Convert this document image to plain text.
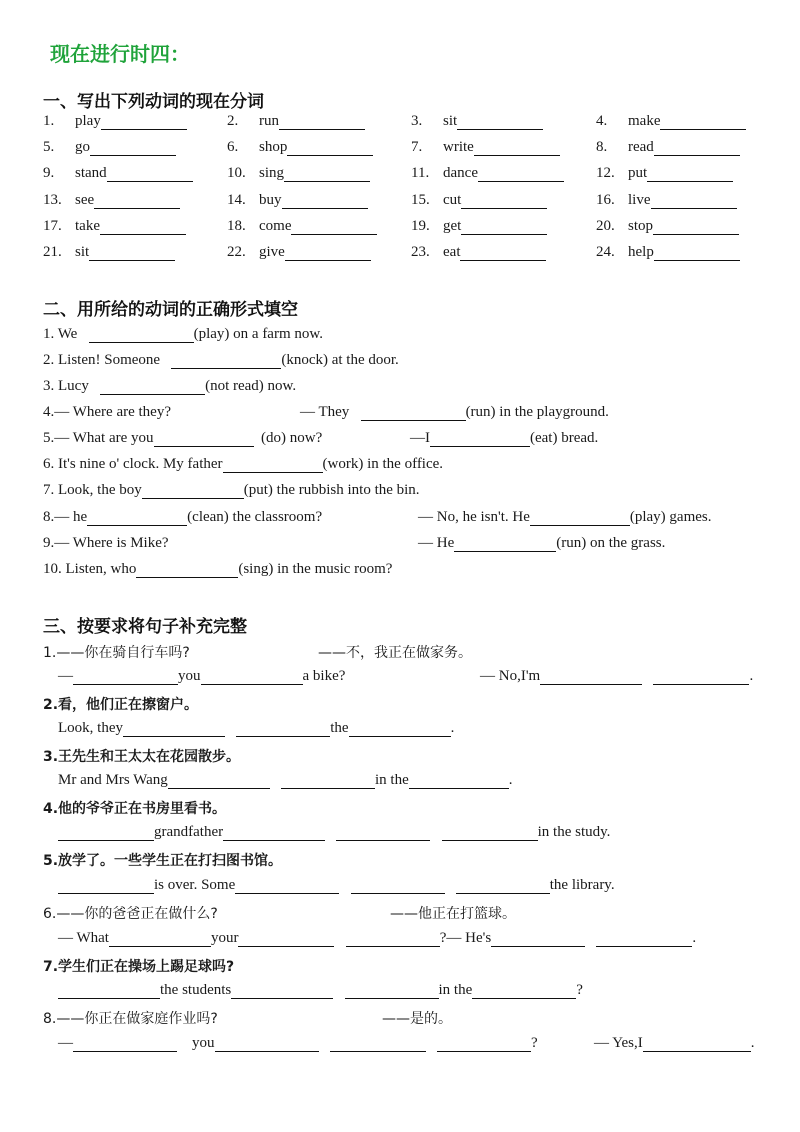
现在进行时四：
一、写出下列动词的现在分词
1. play	2. run	3. sit	4. make
5. go	6. shop	7. write	8. read
9. stand	10. sing	11. dance	12. put
13. see	14. buy	15. cut	16. live
17. take	18. come	19. get	20. stop
21. sit	22. give	23. eat	24. help
二、用所给的动词的正确形式填空
1. We	(play) on a farm now.
2. Listen! Someone	(knock) at the door.
3. Lucy	(not read) now.
4.— Where are they?	— They	(run) in the playground.
5.— What are you	(do) now?	—I	(eat) bread.
6. It's nine o' clock. My father	(work) in the office.
7. Look, the boy	(put) the rubbish into the bin.
8.— he	(clean) the classroom?	— No, he isn't. He	(play) games.
9.— Where is Mike?	— He	(run) on the grass.
10. Listen, who	(sing) in the music room?
三、按要求将句子补充完整
1.——你在骑自行车吗?	——不，我正在做家务。
—	you	a bike?	— No,I'm	.
2.看，他们正在擦窗户。
Look, they	the	.
3.王先生和王太太在花园散步。
Mr and Mrs Wang	in the	.
4.他的爷爷正在书房里看书。
grandfather	in the study.
5.放学了。一些学生正在打扫图书馆。
is over. Some	the library.
6.——你的爸爸正在做什么?	——他正在打篮球。
— What	your	?— He's	.
7.学生们正在操场上踢足球吗?
the students	in the	?
8.——你正在做家庭作业吗?	——是的。
—	you	?	— Yes,I	.
